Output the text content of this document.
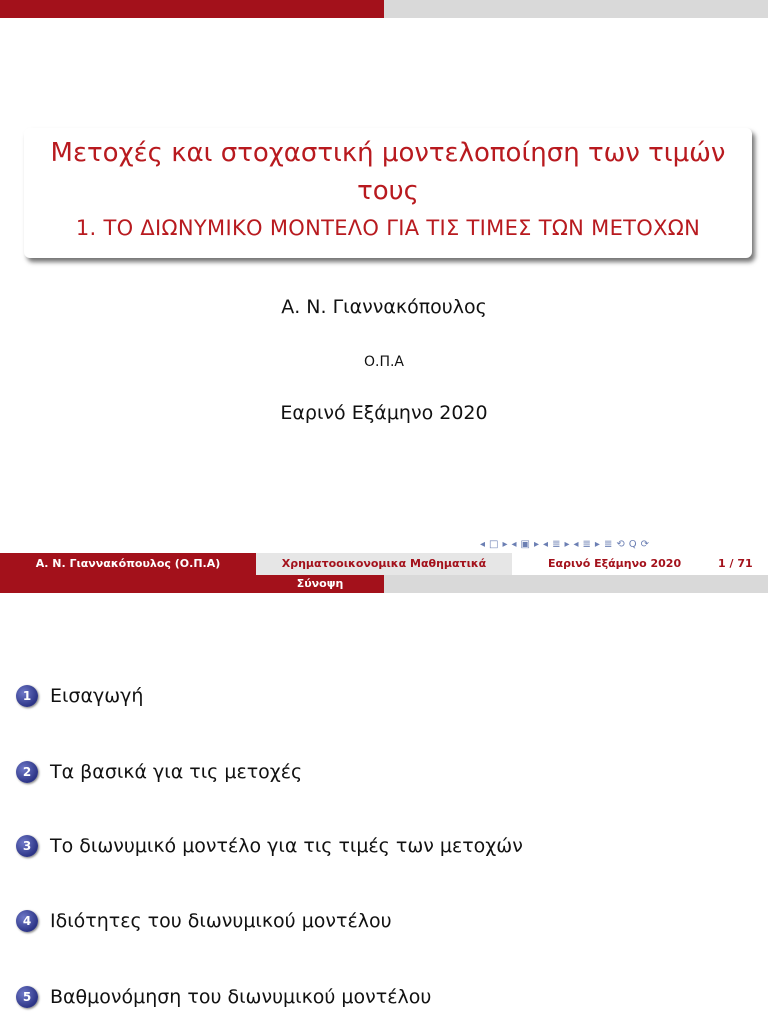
Μετοχές και στοχαστική μοντελοποίηση των τιμών
τους
1. ΤΟ ΔΙΩΝΥΜΙΚΟ ΜΟΝΤΕΛΟ ΓΙΑ ΤΙΣ ΤΙΜΕΣ ΤΩΝ ΜΕΤΟΧΩΝ
Α. Ν. Γιαννακόπουλος
Ο.Π.Α
Εαρινό Εξάμηνο 2020
◂ □ ▸ ◂ ▣ ▸ ◂ ≣ ▸ ◂ ≣ ▸ ≣ ⟲ Q ⟳
Α. Ν. Γιαννακόπουλος (Ο.Π.Α)	Χρηματοοικονομικα Μαθηματικά	Εαρινό Εξάμηνο 2020	1 / 71
Σύνοψη
1 Εισαγωγή
2 Τα βασικά για τις μετοχές
3 Το διωνυμικό μοντέλο για τις τιμές των μετοχών
4 Ιδιότητες του διωνυμικού μοντέλου
5 Βαθμονόμηση του διωνυμικού μοντέλου
